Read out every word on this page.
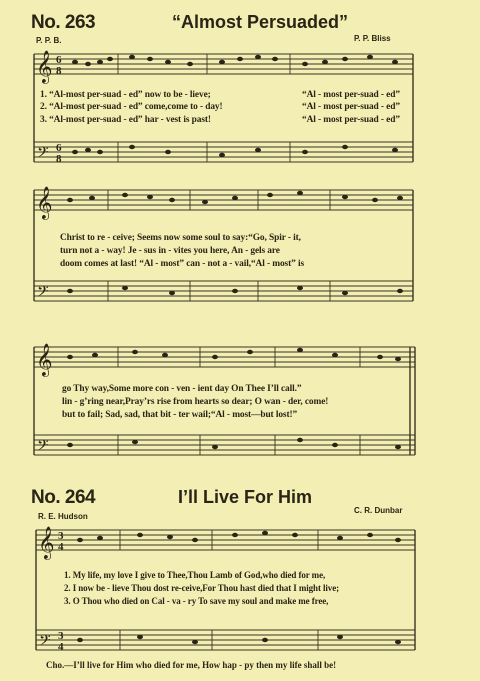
No. 263	“Almost Persuaded”
P. P. B.	P. P. Bliss
𝄞
𝄢
𝄞
𝄢
𝄞
𝄢
𝄞
𝄢
6
8
6
8
3
4
3
4
1. “Al-most per-suad - ed” now to be - lieve;	“Al - most per-suad - ed”
2. “Al-most per-suad - ed” come,come to - day!	“Al - most per-suad - ed”
3. “Al-most per-suad - ed” har - vest is past!	“Al - most per-suad - ed”
Christ to re - ceive; Seems now some soul to say:“Go, Spir - it,
turn not a - way! Je - sus in - vites you here, An - gels are
doom comes at last! “Al - most” can - not a - vail,“Al - most” is
go Thy way,Some more con - ven - ient day On Thee I’ll call.”
lin - g’ring near,Pray’rs rise from hearts so dear; O wan - der, come!
but to fail; Sad, sad, that bit - ter wail;“Al - most—but lost!”
No. 264	I’ll Live For Him
R. E. Hudson
C. R. Dunbar
1. My life, my love I give to Thee,Thou Lamb of God,who died for me,
2. I now be - lieve Thou dost re-ceive,For Thou hast died that I might live;
3. O Thou who died on Cal - va - ry To save my soul and make me free,
Cho.—I’ll live for Him who died for me, How hap - py then my life shall be!
